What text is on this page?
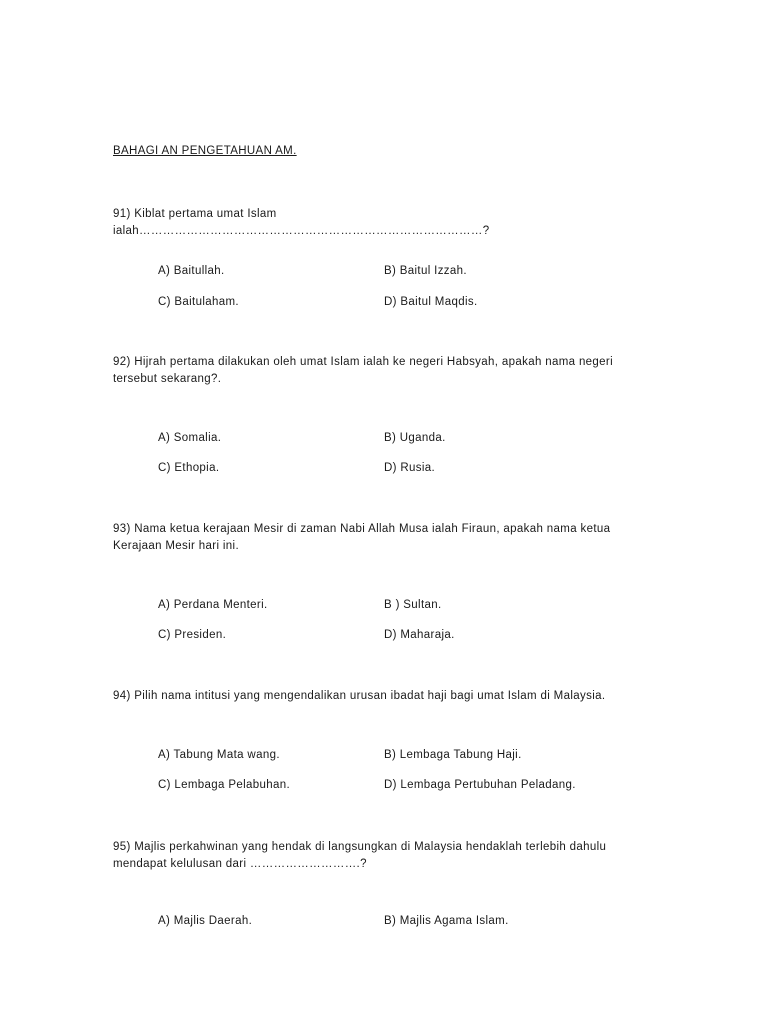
BAHAGI AN PENGETAHUAN AM.
91) Kiblat pertama umat Islam ialah……………………………………………………………………………?
A) Baitullah.	B) Baitul Izzah.
C) Baitulaham.	D) Baitul Maqdis.
92) Hijrah pertama dilakukan oleh umat Islam ialah ke negeri Habsyah, apakah nama negeri tersebut sekarang?.
A) Somalia.	B) Uganda.
C) Ethopia.	D) Rusia.
93) Nama ketua kerajaan Mesir di zaman Nabi Allah Musa ialah Firaun, apakah nama ketua Kerajaan Mesir hari ini.
A) Perdana Menteri.	B ) Sultan.
C) Presiden.	D) Maharaja.
94) Pilih nama intitusi yang mengendalikan urusan ibadat haji bagi umat Islam di Malaysia.
A) Tabung Mata wang.	B) Lembaga Tabung Haji.
C) Lembaga Pelabuhan.	D) Lembaga Pertubuhan Peladang.
95) Majlis perkahwinan yang hendak di langsungkan di Malaysia hendaklah terlebih dahulu mendapat kelulusan dari ……………………….?
A) Majlis Daerah.	B) Majlis Agama Islam.
